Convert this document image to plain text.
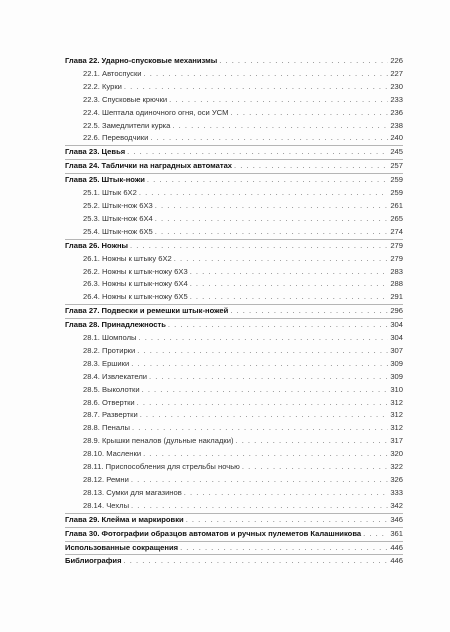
Глава 22. Ударно-спусковые механизмы . . .	226
22.1. Автоспуски . . .	227
22.2. Курки . . .	230
22.3. Спусковые крючки . . .	233
22.4. Шептала одиночного огня, оси УСМ . . .	236
22.5. Замедлители курка . . .	238
22.6. Переводчики . . .	240
Глава 23. Цевья . . .	245
Глава 24. Таблички на наградных автоматах . . .	257
Глава 25. Штык-ножи . . .	259
25.1. Штык 6Х2 . . .	259
25.2. Штык-нож 6Х3 . . .	261
25.3. Штык-нож 6Х4 . . .	265
25.4. Штык-нож 6Х5 . . .	274
Глава 26. Ножны . . .	279
26.1. Ножны к штыку 6Х2 . . .	279
26.2. Ножны к штык-ножу 6Х3 . . .	283
26.3. Ножны к штык-ножу 6Х4 . . .	288
26.4. Ножны к штык-ножу 6Х5 . . .	291
Глава 27. Подвески и ремешки штык-ножей . . .	296
Глава 28. Принадлежность . . .	304
28.1. Шомполы . . .	304
28.2. Протирки . . .	307
28.3. Ершики . . .	309
28.4. Извлекатели . . .	309
28.5. Выколотки . . .	310
28.6. Отвертки . . .	312
28.7. Развертки . . .	312
28.8. Пеналы . . .	312
28.9. Крышки пеналов (дульные накладки) . . .	317
28.10. Масленки . . .	320
28.11. Приспособления для стрельбы ночью . . .	322
28.12. Ремни . . .	326
28.13. Сумки для магазинов . . .	333
28.14. Чехлы . . .	342
Глава 29. Клейма и маркировки . . .	346
Глава 30. Фотографии образцов автоматов и ручных пулеметов Калашникова . . .	361
Использованные сокращения . . .	446
Библиография . . .	446
